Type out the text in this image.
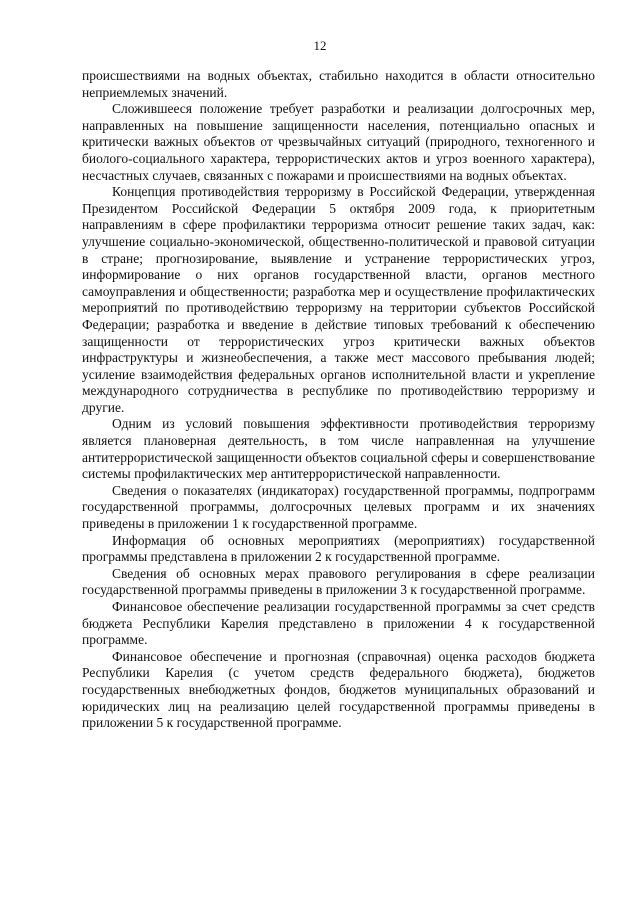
12

происшествиями на водных объектах, стабильно находится в области относительно неприемлемых значений.

Сложившееся положение требует разработки и реализации долгосрочных мер, направленных на повышение защищенности населения, потенциально опасных и критически важных объектов от чрезвычайных ситуаций (природного, техногенного и биолого-социального характера, террористических актов и угроз военного характера), несчастных случаев, связанных с пожарами и происшествиями на водных объектах.

Концепция противодействия терроризму в Российской Федерации, утвержденная Президентом Российской Федерации 5 октября 2009 года, к приоритетным направлениям в сфере профилактики терроризма относит решение таких задач, как: улучшение социально-экономической, общественно-политической и правовой ситуации в стране; прогнозирование, выявление и устранение террористических угроз, информирование о них органов государственной власти, органов местного самоуправления и общественности; разработка мер и осуществление профилактических мероприятий по противодействию терроризму на территории субъектов Российской Федерации; разработка и введение в действие типовых требований к обеспечению защищенности от террористических угроз критически важных объектов инфраструктуры и жизнеобеспечения, а также мест массового пребывания людей; усиление взаимодействия федеральных органов исполнительной власти и укрепление международного сотрудничества в республике по противодействию терроризму и другие.

Одним из условий повышения эффективности противодействия терроризму является плановерная деятельность, в том числе направленная на улучшение антитеррористической защищенности объектов социальной сферы и совершенствование системы профилактических мер антитеррористической направленности.

Сведения о показателях (индикаторах) государственной программы, подпрограмм государственной программы, долгосрочных целевых программ и их значениях приведены в приложении 1 к государственной программе.

Информация об основных мероприятиях (мероприятиях) государственной программы представлена в приложении 2 к государственной программе.

Сведения об основных мерах правового регулирования в сфере реализации государственной программы приведены в приложении 3 к государственной программе.

Финансовое обеспечение реализации государственной программы за счет средств бюджета Республики Карелия представлено в приложении 4 к государственной программе.

Финансовое обеспечение и прогнозная (справочная) оценка расходов бюджета Республики Карелия (с учетом средств федерального бюджета), бюджетов государственных внебюджетных фондов, бюджетов муниципальных образований и юридических лиц на реализацию целей государственной программы приведены в приложении 5 к государственной программе.
